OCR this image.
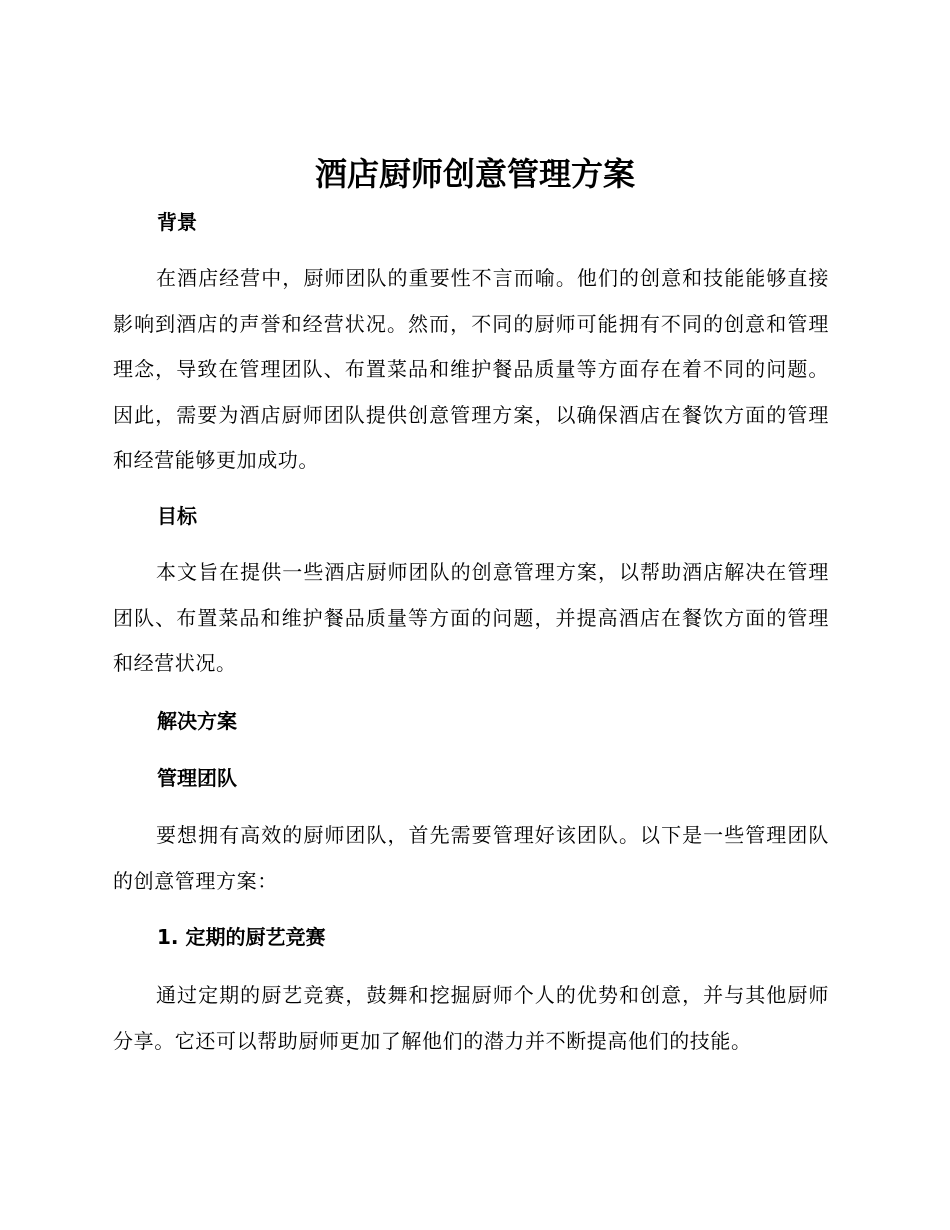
酒店厨师创意管理方案
背景

在酒店经营中，厨师团队的重要性不言而喻。他们的创意和技能能够直接影响到酒店的声誉和经营状况。然而，不同的厨师可能拥有不同的创意和管理理念，导致在管理团队、布置菜品和维护餐品质量等方面存在着不同的问题。因此，需要为酒店厨师团队提供创意管理方案，以确保酒店在餐饮方面的管理和经营能够更加成功。

目标

本文旨在提供一些酒店厨师团队的创意管理方案，以帮助酒店解决在管理团队、布置菜品和维护餐品质量等方面的问题，并提高酒店在餐饮方面的管理和经营状况。

解决方案
管理团队

要想拥有高效的厨师团队，首先需要管理好该团队。以下是一些管理团队的创意管理方案：

1. 定期的厨艺竞赛

通过定期的厨艺竞赛，鼓舞和挖掘厨师个人的优势和创意，并与其他厨师分享。它还可以帮助厨师更加了解他们的潜力并不断提高他们的技能。
